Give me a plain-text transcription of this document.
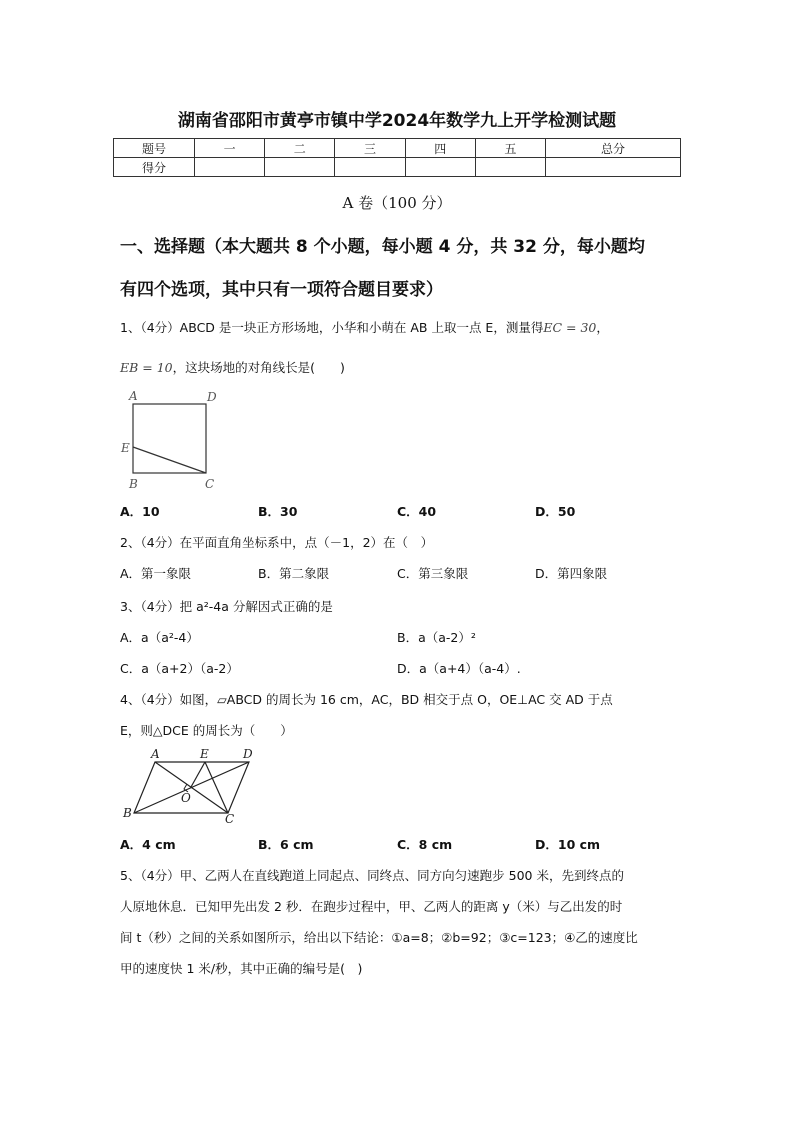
湖南省邵阳市黄亭市镇中学2024年数学九上开学检测试题
题号	一	二	三	四	五	总分
得分						
A 卷（100 分）
一、选择题（本大题共 8 个小题，每小题 4 分，共 32 分，每小题均
有四个选项，其中只有一项符合题目要求）
1、（4分）ABCD 是一块正方形场地，小华和小萌在 AB 上取一点 E，测量得EC = 30，
EB = 10，这块场地的对角线长是(　　)
A	D
E
B	C
A．10	B．30	C．40	D．50
2、（4分）在平面直角坐标系中，点（－1，2）在（　）
A．第一象限	B．第二象限	C．第三象限	D．第四象限
3、（4分）把 a²-4a 分解因式正确的是
A．a（a²-4）	B．a（a-2）²
C．a（a+2）（a-2）	D．a（a+4）（a-4）.
4、（4分）如图，▱ABCD 的周长为 16 cm，AC，BD 相交于点 O，OE⊥AC 交 AD 于点
E，则△DCE 的周长为（　　）
A	E	D
O
B	C
A．4 cm	B．6 cm	C．8 cm	D．10 cm
5、（4分）甲、乙两人在直线跑道上同起点、同终点、同方向匀速跑步 500 米，先到终点的
人原地休息．已知甲先出发 2 秒．在跑步过程中，甲、乙两人的距离 y（米）与乙出发的时
间 t（秒）之间的关系如图所示，给出以下结论：①a=8；②b=92；③c=123；④乙的速度比
甲的速度快 1 米/秒，其中正确的编号是(　)
